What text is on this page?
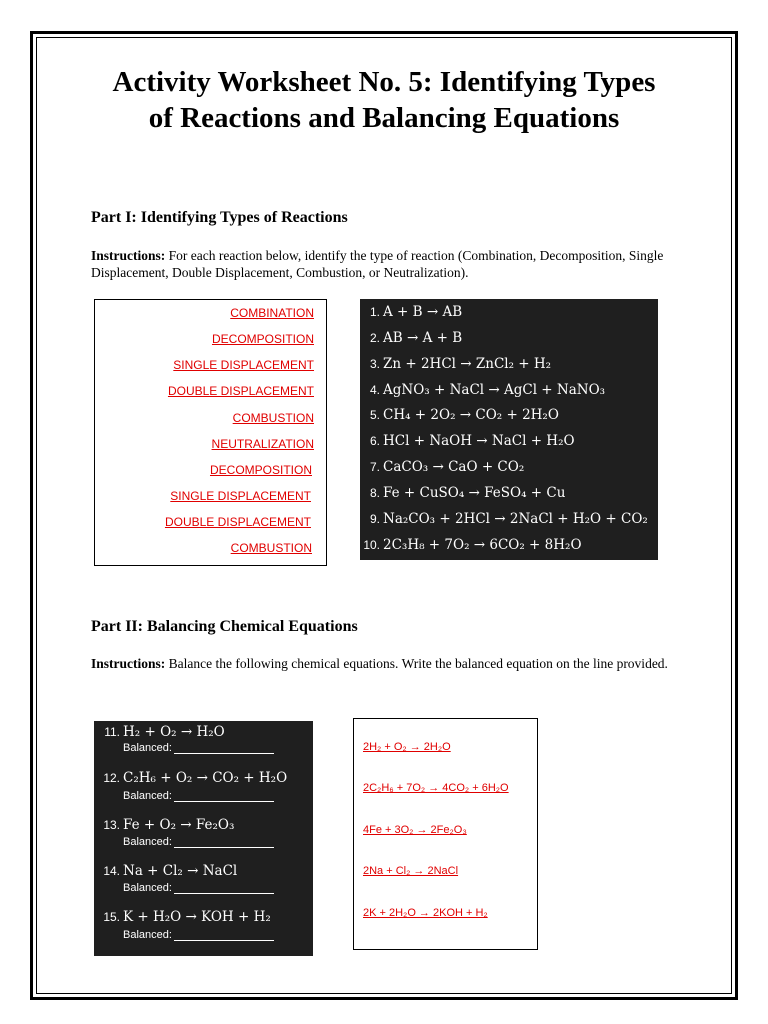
Activity Worksheet No. 5: Identifying Types
of Reactions and Balancing Equations
Part I: Identifying Types of Reactions
Instructions: For each reaction below, identify the type of reaction (Combination, Decomposition, Single Displacement, Double Displacement, Combustion, or Neutralization).
COMBINATION
DECOMPOSITION
SINGLE DISPLACEMENT
DOUBLE DISPLACEMENT
COMBUSTION
NEUTRALIZATION
DECOMPOSITION
SINGLE DISPLACEMENT
DOUBLE DISPLACEMENT
COMBUSTION
1. A + B → AB
2. AB → A + B
3. Zn + 2HCl → ZnCl₂ + H₂
4. AgNO₃ + NaCl → AgCl + NaNO₃
5. CH₄ + 2O₂ → CO₂ + 2H₂O
6. HCl + NaOH → NaCl + H₂O
7. CaCO₃ → CaO + CO₂
8. Fe + CuSO₄ → FeSO₄ + Cu
9. Na₂CO₃ + 2HCl → 2NaCl + H₂O + CO₂
10. 2C₃H₈ + 7O₂ → 6CO₂ + 8H₂O
Part II: Balancing Chemical Equations
Instructions: Balance the following chemical equations. Write the balanced equation on the line provided.
11. H₂ + O₂ → H₂O
Balanced:
12. C₂H₆ + O₂ → CO₂ + H₂O
Balanced:
13. Fe + O₂ → Fe₂O₃
Balanced:
14. Na + Cl₂ → NaCl
Balanced:
15. K + H₂O → KOH + H₂
Balanced:
2H₂ + O₂ → 2H₂O
2C₂H₆ + 7O₂ → 4CO₂ + 6H₂O
4Fe + 3O₂ → 2Fe₂O₃
2Na + Cl₂ → 2NaCl
2K + 2H₂O → 2KOH + H₂
